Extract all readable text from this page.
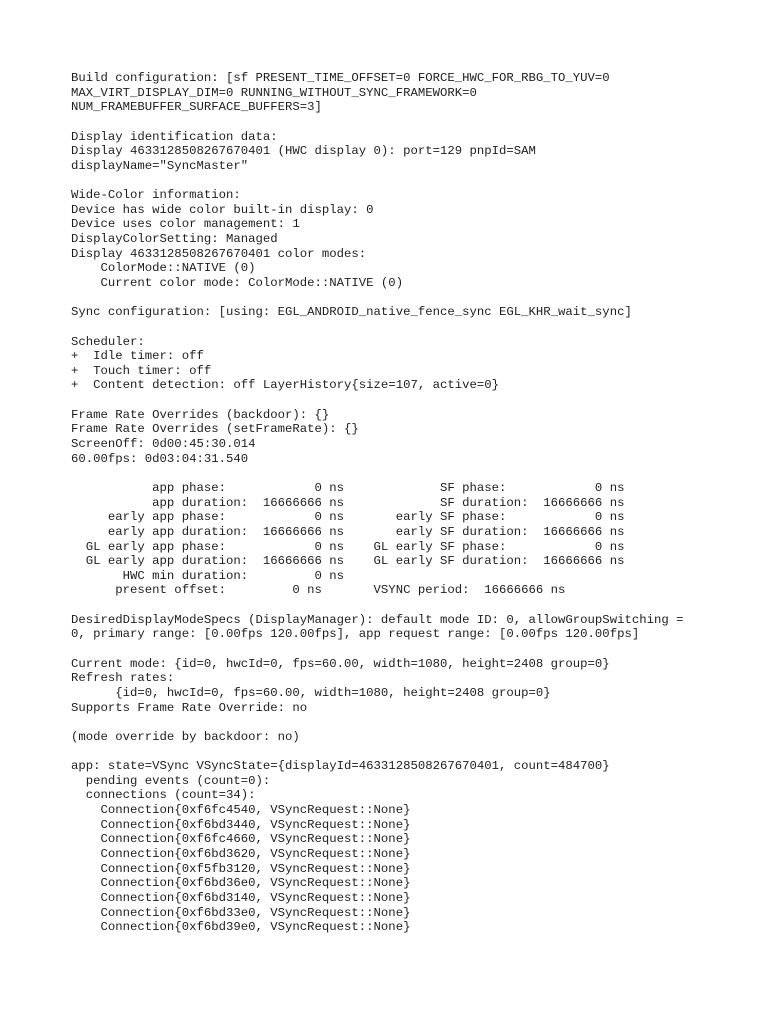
Build configuration: [sf PRESENT_TIME_OFFSET=0 FORCE_HWC_FOR_RBG_TO_YUV=0
MAX_VIRT_DISPLAY_DIM=0 RUNNING_WITHOUT_SYNC_FRAMEWORK=0
NUM_FRAMEBUFFER_SURFACE_BUFFERS=3]
Display identification data:
Display 4633128508267670401 (HWC display 0): port=129 pnpId=SAM
displayName="SyncMaster"
Wide-Color information:
Device has wide color built-in display: 0
Device uses color management: 1
DisplayColorSetting: Managed
Display 4633128508267670401 color modes:
ColorMode::NATIVE (0)
Current color mode: ColorMode::NATIVE (0)
Sync configuration: [using: EGL_ANDROID_native_fence_sync EGL_KHR_wait_sync]
Scheduler:
+  Idle timer: off
+  Touch timer: off
+  Content detection: off LayerHistory{size=107, active=0}
Frame Rate Overrides (backdoor): {}
Frame Rate Overrides (setFrameRate): {}
ScreenOff: 0d00:45:30.014
60.00fps: 0d03:04:31.540
app phase:            0 ns             SF phase:            0 ns
app duration:  16666666 ns             SF duration:  16666666 ns
early app phase:            0 ns       early SF phase:            0 ns
early app duration:  16666666 ns       early SF duration:  16666666 ns
GL early app phase:            0 ns    GL early SF phase:            0 ns
GL early app duration:  16666666 ns    GL early SF duration:  16666666 ns
HWC min duration:         0 ns
present offset:         0 ns       VSYNC period:  16666666 ns
DesiredDisplayModeSpecs (DisplayManager): default mode ID: 0, allowGroupSwitching =
0, primary range: [0.00fps 120.00fps], app request range: [0.00fps 120.00fps]
Current mode: {id=0, hwcId=0, fps=60.00, width=1080, height=2408 group=0}
Refresh rates:
{id=0, hwcId=0, fps=60.00, width=1080, height=2408 group=0}
Supports Frame Rate Override: no
(mode override by backdoor: no)
app: state=VSync VSyncState={displayId=4633128508267670401, count=484700}
pending events (count=0):
connections (count=34):
Connection{0xf6fc4540, VSyncRequest::None}
Connection{0xf6bd3440, VSyncRequest::None}
Connection{0xf6fc4660, VSyncRequest::None}
Connection{0xf6bd3620, VSyncRequest::None}
Connection{0xf5fb3120, VSyncRequest::None}
Connection{0xf6bd36e0, VSyncRequest::None}
Connection{0xf6bd3140, VSyncRequest::None}
Connection{0xf6bd33e0, VSyncRequest::None}
Connection{0xf6bd39e0, VSyncRequest::None}
